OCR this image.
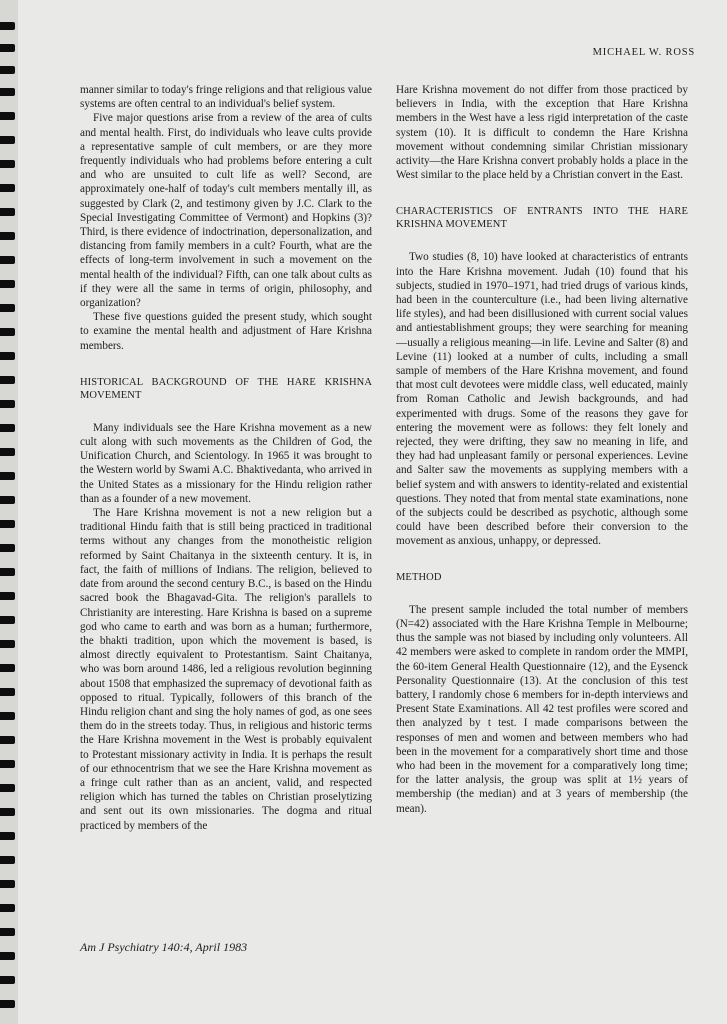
MICHAEL W. ROSS

manner similar to today's fringe religions and that religious value systems are often central to an individual's belief system.

Five major questions arise from a review of the area of cults and mental health. First, do individuals who leave cults provide a representative sample of cult members, or are they more frequently individuals who had problems before entering a cult and who are unsuited to cult life as well? Second, are approximately one-half of today's cult members mentally ill, as suggested by Clark (2, and testimony given by J.C. Clark to the Special Investigating Committee of Vermont) and Hopkins (3)? Third, is there evidence of indoctrination, depersonalization, and distancing from family members in a cult? Fourth, what are the effects of long-term involvement in such a movement on the mental health of the individual? Fifth, can one talk about cults as if they were all the same in terms of origin, philosophy, and organization?

These five questions guided the present study, which sought to examine the mental health and adjustment of Hare Krishna members.

HISTORICAL BACKGROUND OF THE HARE KRISHNA MOVEMENT

Many individuals see the Hare Krishna movement as a new cult along with such movements as the Children of God, the Unification Church, and Scientology. In 1965 it was brought to the Western world by Swami A.C. Bhaktivedanta, who arrived in the United States as a missionary for the Hindu religion rather than as a founder of a new movement.

The Hare Krishna movement is not a new religion but a traditional Hindu faith that is still being practiced in traditional terms without any changes from the monotheistic religion reformed by Saint Chaitanya in the sixteenth century. It is, in fact, the faith of millions of Indians. The religion, believed to date from around the second century B.C., is based on the Hindu sacred book the Bhagavad-Gita. The religion's parallels to Christianity are interesting. Hare Krishna is based on a supreme god who came to earth and was born as a human; furthermore, the bhakti tradition, upon which the movement is based, is almost directly equivalent to Protestantism. Saint Chaitanya, who was born around 1486, led a religious revolution beginning about 1508 that emphasized the supremacy of devotional faith as opposed to ritual. Typically, followers of this branch of the Hindu religion chant and sing the holy names of god, as one sees them do in the streets today. Thus, in religious and historic terms the Hare Krishna movement in the West is probably equivalent to Protestant missionary activity in India. It is perhaps the result of our ethnocentrism that we see the Hare Krishna movement as a fringe cult rather than as an ancient, valid, and respected religion which has turned the tables on Christian proselytizing and sent out its own missionaries. The dogma and ritual practiced by members of the

Hare Krishna movement do not differ from those practiced by believers in India, with the exception that Hare Krishna members in the West have a less rigid interpretation of the caste system (10). It is difficult to condemn the Hare Krishna movement without condemning similar Christian missionary activity—the Hare Krishna convert probably holds a place in the West similar to the place held by a Christian convert in the East.

CHARACTERISTICS OF ENTRANTS INTO THE HARE KRISHNA MOVEMENT

Two studies (8, 10) have looked at characteristics of entrants into the Hare Krishna movement. Judah (10) found that his subjects, studied in 1970–1971, had tried drugs of various kinds, had been in the counterculture (i.e., had been living alternative life styles), and had been disillusioned with current social values and antiestablishment groups; they were searching for meaning—usually a religious meaning—in life. Levine and Salter (8) and Levine (11) looked at a number of cults, including a small sample of members of the Hare Krishna movement, and found that most cult devotees were middle class, well educated, mainly from Roman Catholic and Jewish backgrounds, and had experimented with drugs. Some of the reasons they gave for entering the movement were as follows: they felt lonely and rejected, they were drifting, they saw no meaning in life, and they had had unpleasant family or personal experiences. Levine and Salter saw the movements as supplying members with a belief system and with answers to identity-related and existential questions. They noted that from mental state examinations, none of the subjects could be described as psychotic, although some could have been described before their conversion to the movement as anxious, unhappy, or depressed.

METHOD

The present sample included the total number of members (N=42) associated with the Hare Krishna Temple in Melbourne; thus the sample was not biased by including only volunteers. All 42 members were asked to complete in random order the MMPI, the 60-item General Health Questionnaire (12), and the Eysenck Personality Questionnaire (13). At the conclusion of this test battery, I randomly chose 6 members for in-depth interviews and Present State Examinations. All 42 test profiles were scored and then analyzed by t test. I made comparisons between the responses of men and women and between members who had been in the movement for a comparatively short time and those who had been in the movement for a comparatively long time; for the latter analysis, the group was split at 1½ years of membership (the median) and at 3 years of membership (the mean).

Am J Psychiatry 140:4, April 1983
